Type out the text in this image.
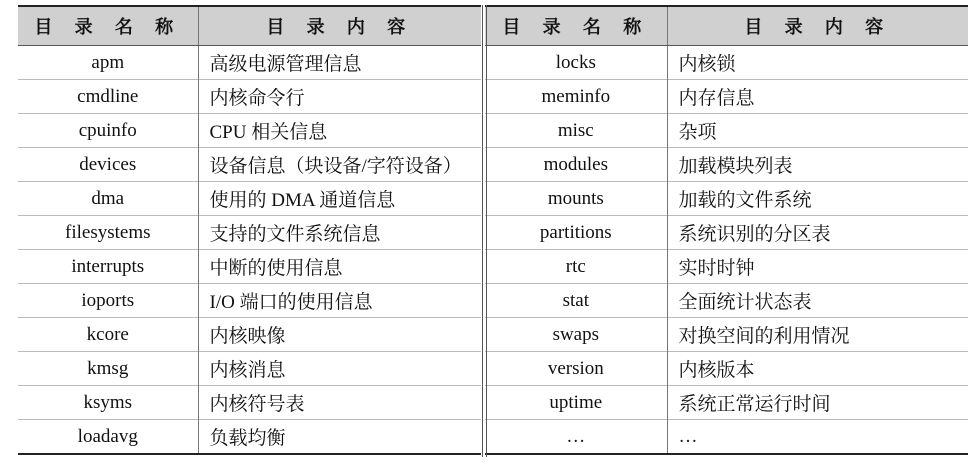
目 录 名 称	目 录 内 容
apm	高级电源管理信息
cmdline	内核命令行
cpuinfo	CPU 相关信息
devices	设备信息（块设备/字符设备）
dma	使用的 DMA 通道信息
filesystems	支持的文件系统信息
interrupts	中断的使用信息
ioports	I/O 端口的使用信息
kcore	内核映像
kmsg	内核消息
ksyms	内核符号表
loadavg	负载均衡
目 录 名 称	目 录 内 容
locks	内核锁
meminfo	内存信息
misc	杂项
modules	加载模块列表
mounts	加载的文件系统
partitions	系统识别的分区表
rtc	实时时钟
stat	全面统计状态表
swaps	对换空间的利用情况
version	内核版本
uptime	系统正常运行时间
…	…
